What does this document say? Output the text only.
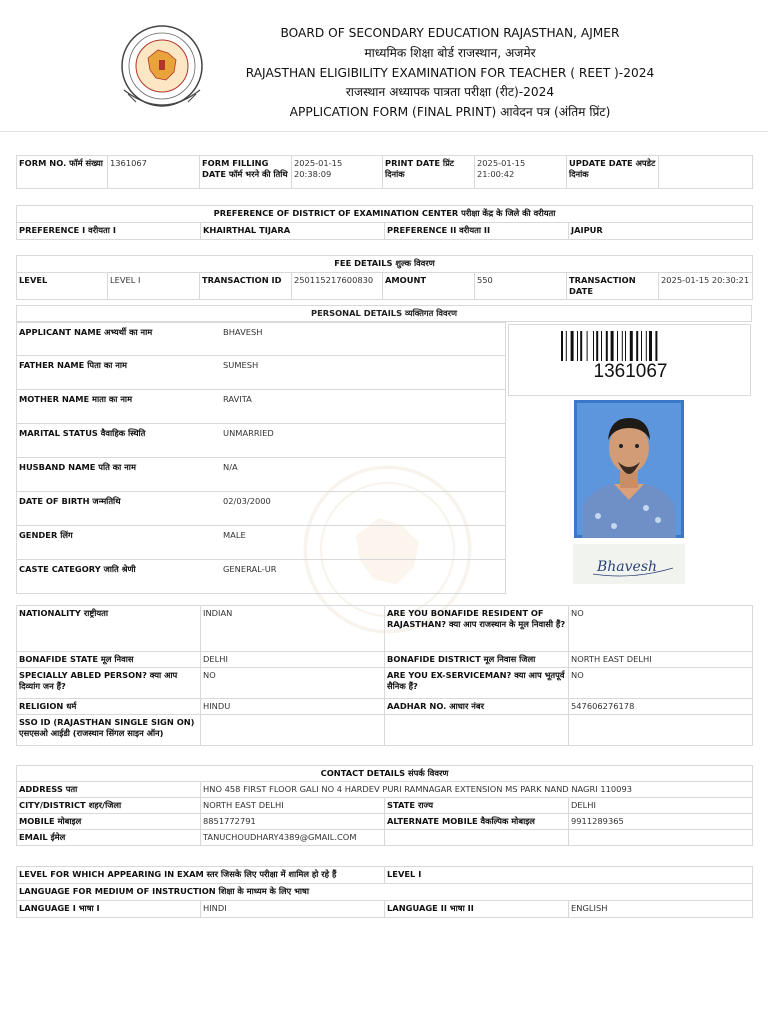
BOARD OF SECONDARY EDUCATION RAJASTHAN, AJMER
माध्यमिक शिक्षा बोर्ड राजस्थान, अजमेर
RAJASTHAN ELIGIBILITY EXAMINATION FOR TEACHER ( REET )-2024
राजस्थान अध्यापक पात्रता परीक्षा (रीट)-2024
APPLICATION FORM (FINAL PRINT) आवेदन पत्र (अंतिम प्रिंट)
FORM NO. फॉर्म संख्या	1361067	FORM FILLING DATE फॉर्म भरने की तिथि	2025-01-15 20:38:09	PRINT DATE प्रिंट दिनांक	2025-01-15 21:00:42	UPDATE DATE अपडेट दिनांक	
PREFERENCE OF DISTRICT OF EXAMINATION CENTER परीक्षा केंद्र के जिले की वरीयता
PREFERENCE I वरीयता I	KHAIRTHAL TIJARA	PREFERENCE II वरीयता II	JAIPUR
FEE DETAILS शुल्क विवरण
LEVEL	LEVEL I	TRANSACTION ID	250115217600830	AMOUNT	550	TRANSACTION DATE	2025-01-15 20:30:21
PERSONAL DETAILS व्यक्तिगत विवरण
APPLICANT NAME अभ्यर्थी का नाम	BHAVESH
FATHER NAME पिता का नाम	SUMESH
MOTHER NAME माता का नाम	RAVITA
MARITAL STATUS वैवाहिक स्थिति	UNMARRIED
HUSBAND NAME पति का नाम	N/A
DATE OF BIRTH जन्मतिथि	02/03/2000
GENDER लिंग	MALE
CASTE CATEGORY जाति श्रेणी	GENERAL-UR
1361067
Bhavesh
NATIONALITY राष्ट्रीयता	INDIAN	ARE YOU BONAFIDE RESIDENT OF RAJASTHAN? क्या आप राजस्थान के मूल निवासी हैं?	NO
BONAFIDE STATE मूल निवास	DELHI	BONAFIDE DISTRICT मूल निवास जिला	NORTH EAST DELHI
SPECIALLY ABLED PERSON? क्या आप दिव्यांग जन हैं?	NO	ARE YOU EX-SERVICEMAN? क्या आप भूतपूर्व सैनिक हैं?	NO
RELIGION धर्म	HINDU	AADHAR NO. आधार नंबर	547606276178
SSO ID (RAJASTHAN SINGLE SIGN ON) एसएसओ आईडी (राजस्थान सिंगल साइन ऑन)			
CONTACT DETAILS संपर्क विवरण			
ADDRESS पता	HNO 458 FIRST FLOOR GALI NO 4 HARDEV PURI RAMNAGAR EXTENSION MS PARK NAND NAGRI 110093		
CITY/DISTRICT शहर/जिला	NORTH EAST DELHI	STATE राज्य	DELHI
MOBILE मोबाइल	8851772791	ALTERNATE MOBILE वैकल्पिक मोबाइल	9911289365
EMAIL ईमेल	TANUCHOUDHARY4389@GMAIL.COM		
LEVEL FOR WHICH APPEARING IN EXAM स्तर जिसके लिए परीक्षा में शामिल हो रहे हैं		LEVEL I	
LANGUAGE FOR MEDIUM OF INSTRUCTION शिक्षा के माध्यम के लिए भाषा			
LANGUAGE I भाषा I	HINDI	LANGUAGE II भाषा II	ENGLISH
